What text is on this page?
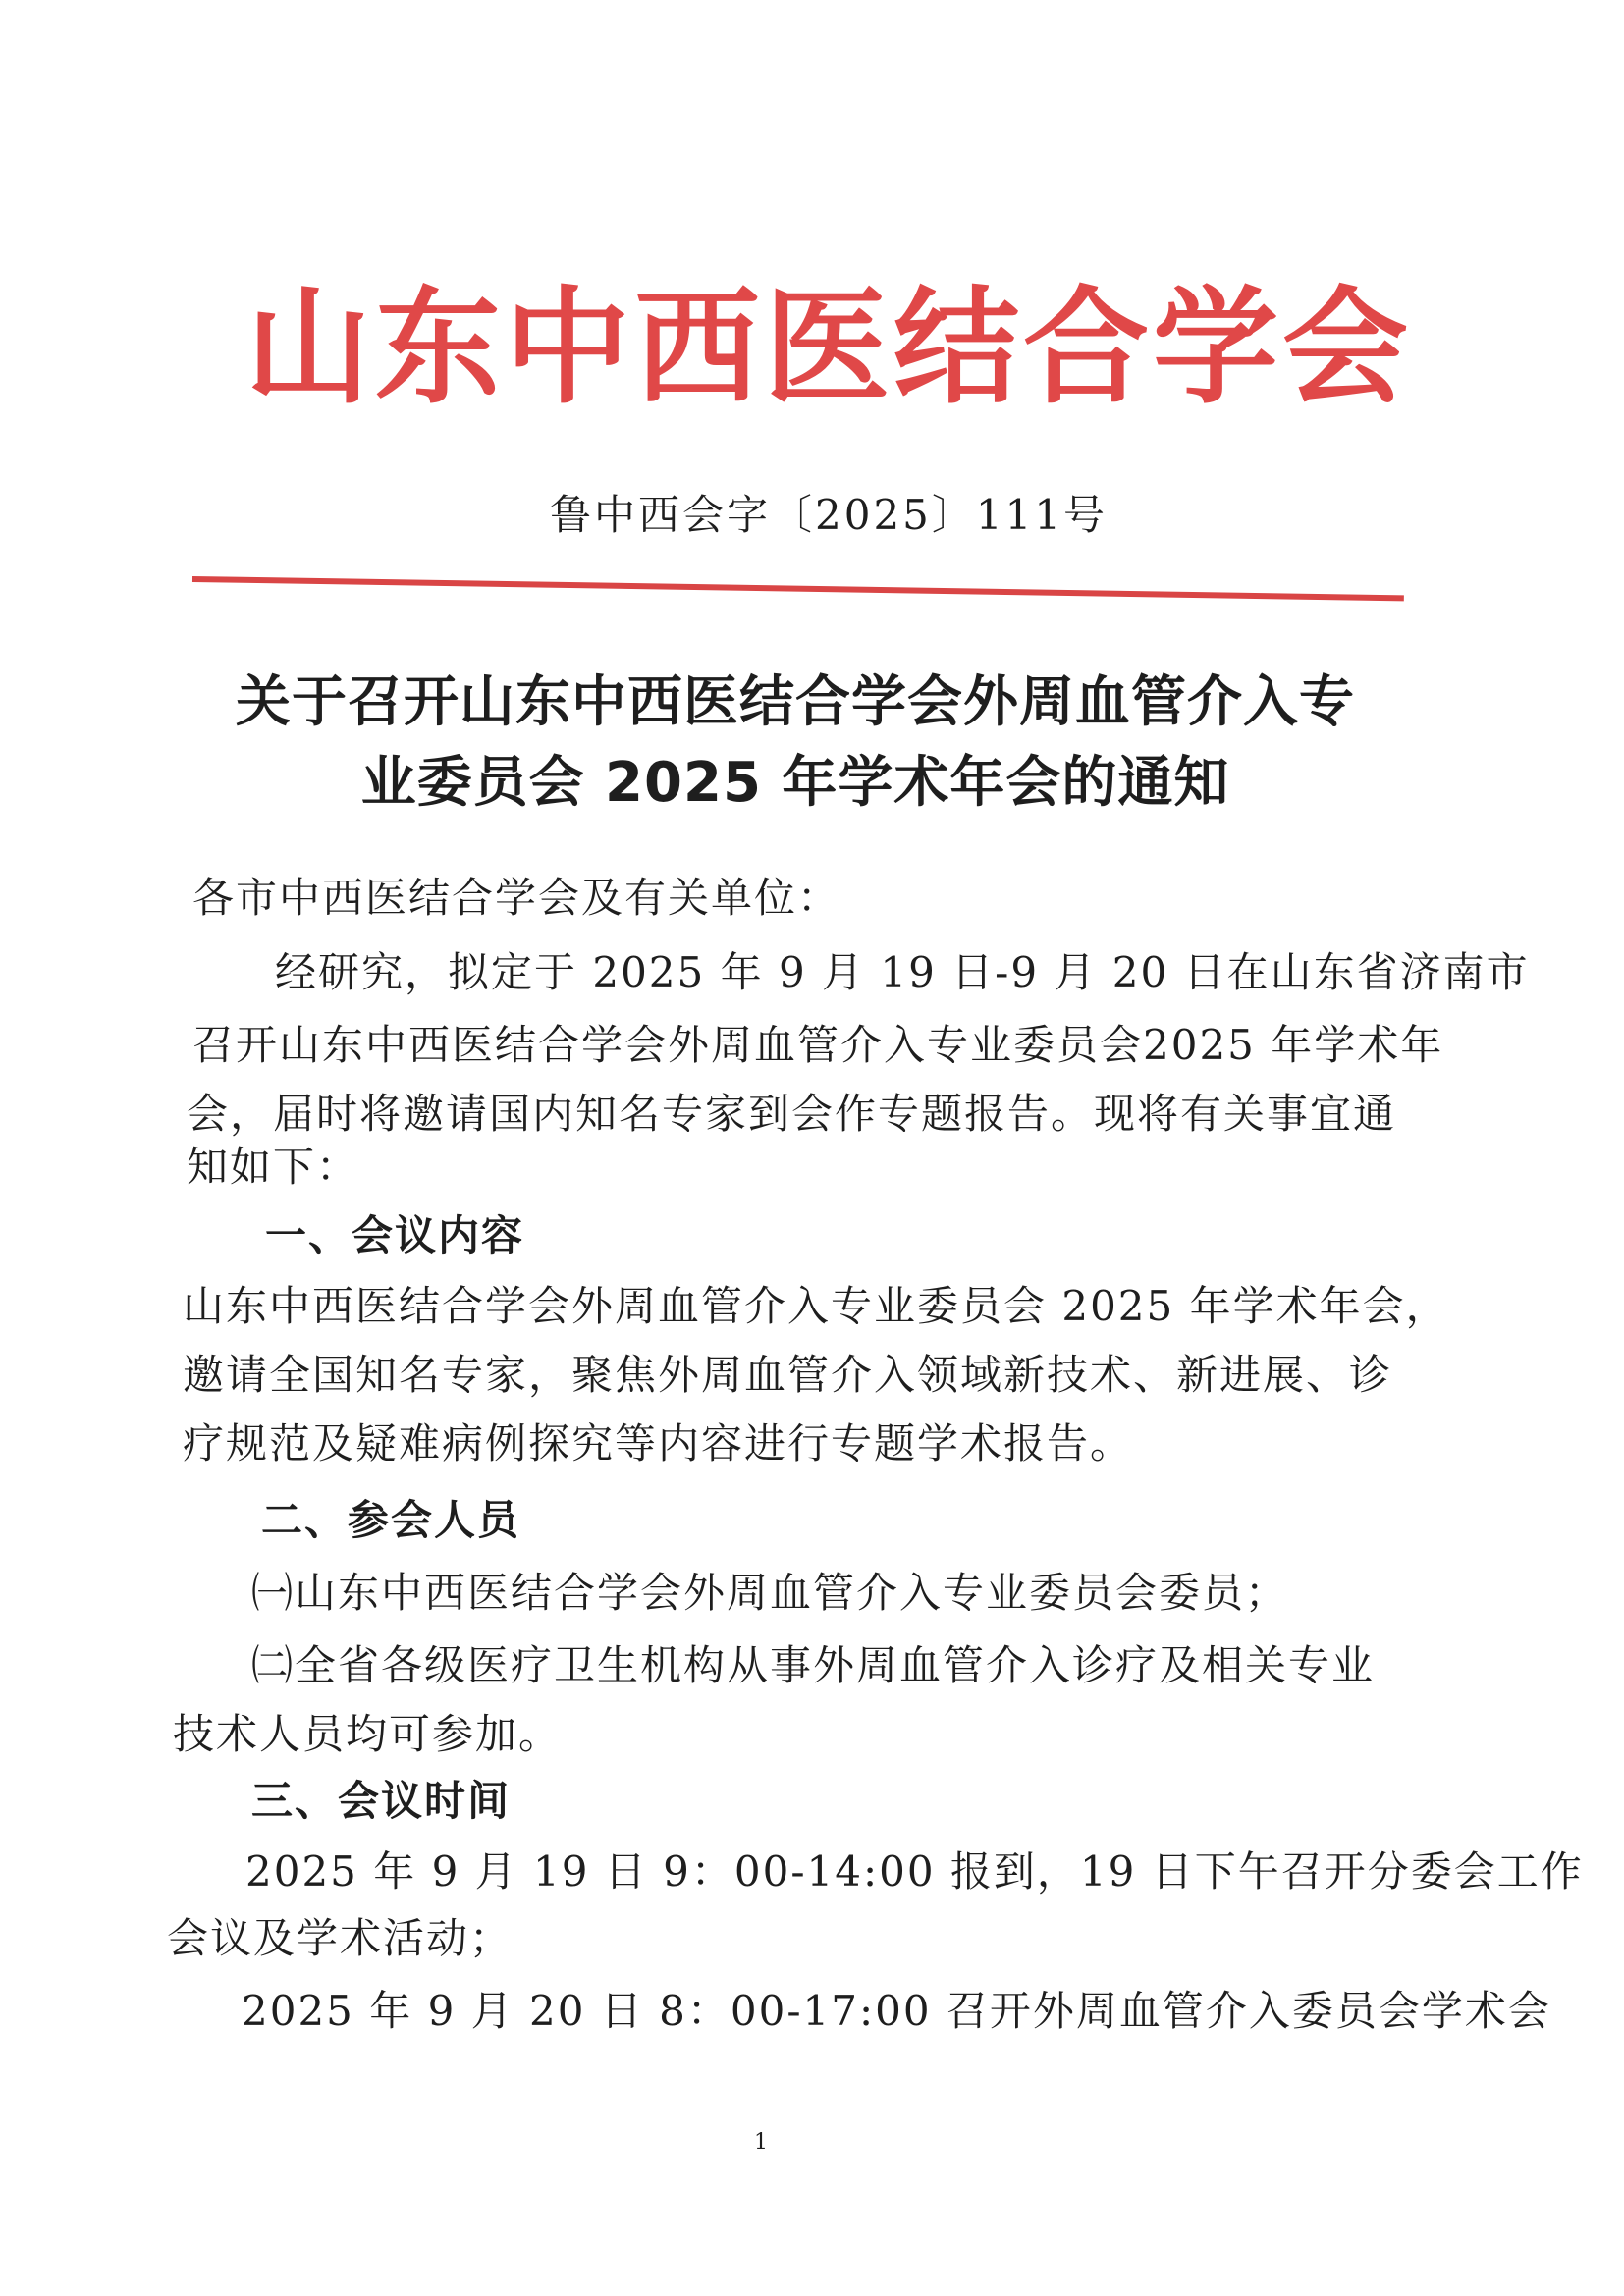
山东中西医结合学会
鲁中西会字〔2025〕111号
关于召开山东中西医结合学会外周血管介入专
业委员会 2025 年学术年会的通知
各市中西医结合学会及有关单位：
经研究，拟定于 2025 年 9 月 19 日-9 月 20 日在山东省济南市
召开山东中西医结合学会外周血管介入专业委员会2025 年学术年
会，届时将邀请国内知名专家到会作专题报告。现将有关事宜通
知如下：
一、会议内容
山东中西医结合学会外周血管介入专业委员会 2025 年学术年会，
邀请全国知名专家，聚焦外周血管介入领域新技术、新进展、诊
疗规范及疑难病例探究等内容进行专题学术报告。
二、参会人员
㈠山东中西医结合学会外周血管介入专业委员会委员；
㈡全省各级医疗卫生机构从事外周血管介入诊疗及相关专业
技术人员均可参加。
三、会议时间
2025 年 9 月 19 日 9：00-14:00 报到，19 日下午召开分委会工作
会议及学术活动；
2025 年 9 月 20 日 8：00-17:00 召开外周血管介入委员会学术会
1
